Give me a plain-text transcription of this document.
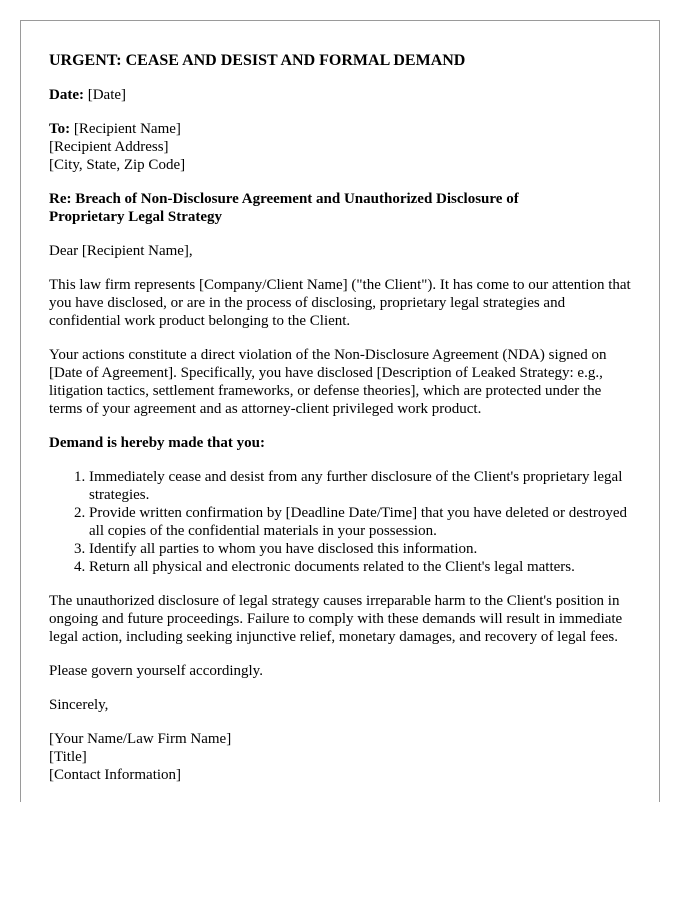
URGENT: CEASE AND DESIST AND FORMAL DEMAND

Date: [Date]

To: [Recipient Name]
[Recipient Address]
[City, State, Zip Code]

Re: Breach of Non-Disclosure Agreement and Unauthorized Disclosure of
Proprietary Legal Strategy

Dear [Recipient Name],

This law firm represents [Company/Client Name] ("the Client"). It has come to our attention that you have disclosed, or are in the process of disclosing, proprietary legal strategies and confidential work product belonging to the Client.

Your actions constitute a direct violation of the Non-Disclosure Agreement (NDA) signed on [Date of Agreement]. Specifically, you have disclosed [Description of Leaked Strategy: e.g., litigation tactics, settlement frameworks, or defense theories], which are protected under the terms of your agreement and as attorney-client privileged work product.

Demand is hereby made that you:

1. Immediately cease and desist from any further disclosure of the Client's proprietary legal strategies.
2. Provide written confirmation by [Deadline Date/Time] that you have deleted or destroyed all copies of the confidential materials in your possession.
3. Identify all parties to whom you have disclosed this information.
4. Return all physical and electronic documents related to the Client's legal matters.

The unauthorized disclosure of legal strategy causes irreparable harm to the Client's position in ongoing and future proceedings. Failure to comply with these demands will result in immediate legal action, including seeking injunctive relief, monetary damages, and recovery of legal fees.

Please govern yourself accordingly.

Sincerely,

[Your Name/Law Firm Name]
[Title]
[Contact Information]
